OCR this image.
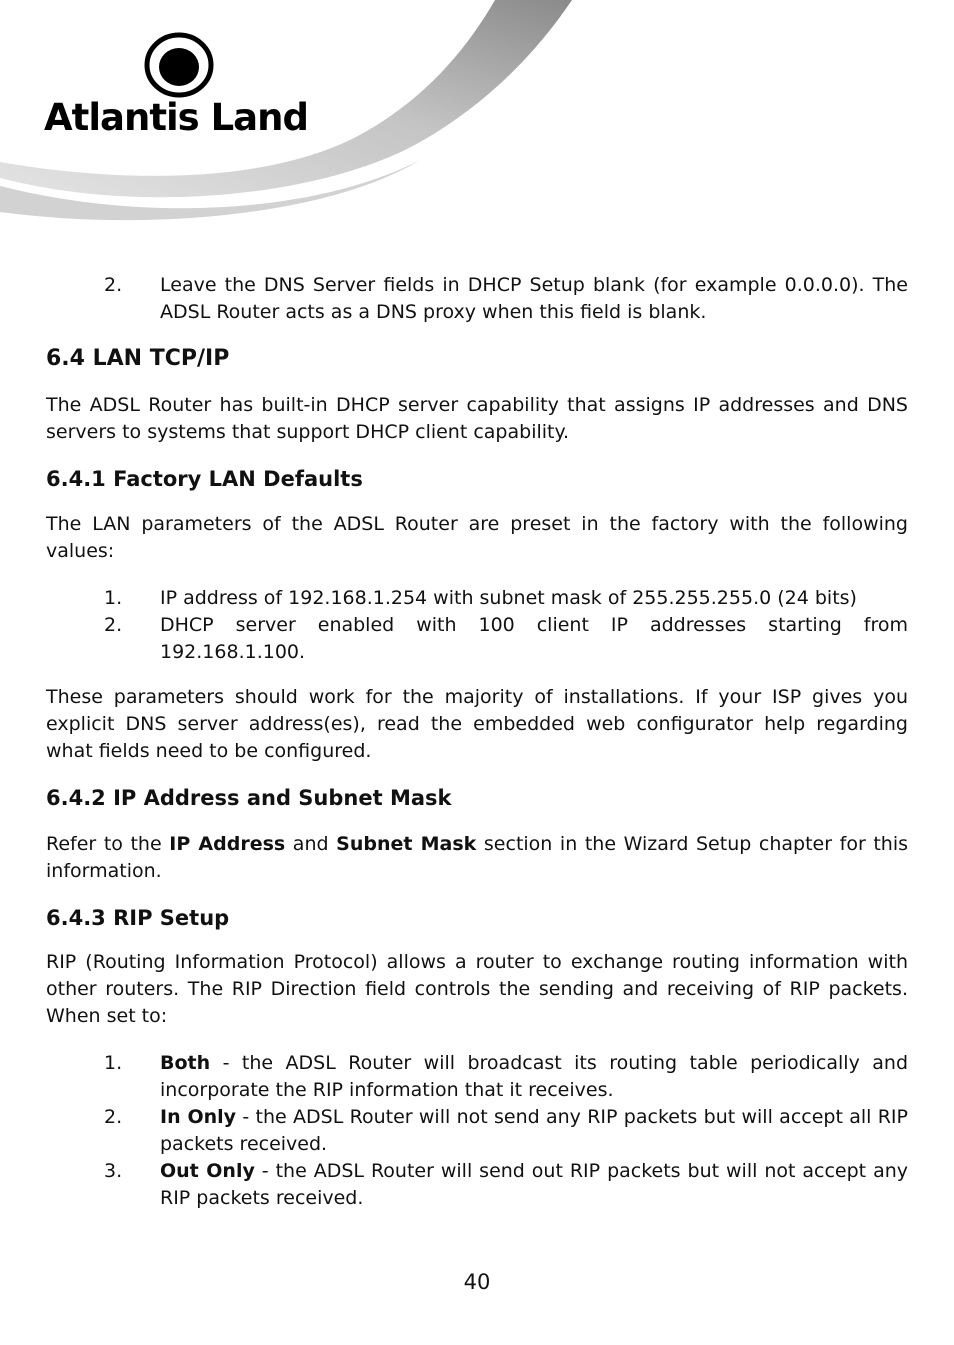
Atlantis Land
2. Leave the DNS Server fields in DHCP Setup blank (for example 0.0.0.0). The ADSL Router acts as a DNS proxy when this field is blank.
6.4 LAN TCP/IP

The ADSL Router has built-in DHCP server capability that assigns IP addresses and DNS servers to systems that support DHCP client capability.

6.4.1 Factory LAN Defaults

The LAN parameters of the ADSL Router are preset in the factory with the following values:

1. IP address of 192.168.1.254 with subnet mask of 255.255.255.0 (24 bits)
2. DHCP server enabled with 100 client IP addresses starting from 192.168.1.100.

These parameters should work for the majority of installations. If your ISP gives you explicit DNS server address(es), read the embedded web configurator help regarding what fields need to be configured.

6.4.2 IP Address and Subnet Mask

Refer to the IP Address and Subnet Mask section in the Wizard Setup chapter for this information.

6.4.3 RIP Setup

RIP (Routing Information Protocol) allows a router to exchange routing information with other routers. The RIP Direction field controls the sending and receiving of RIP packets. When set to:

1. Both - the ADSL Router will broadcast its routing table periodically and incorporate the RIP information that it receives.
2. In Only - the ADSL Router will not send any RIP packets but will accept all RIP packets received.
3. Out Only - the ADSL Router will send out RIP packets but will not accept any RIP packets received.
40
